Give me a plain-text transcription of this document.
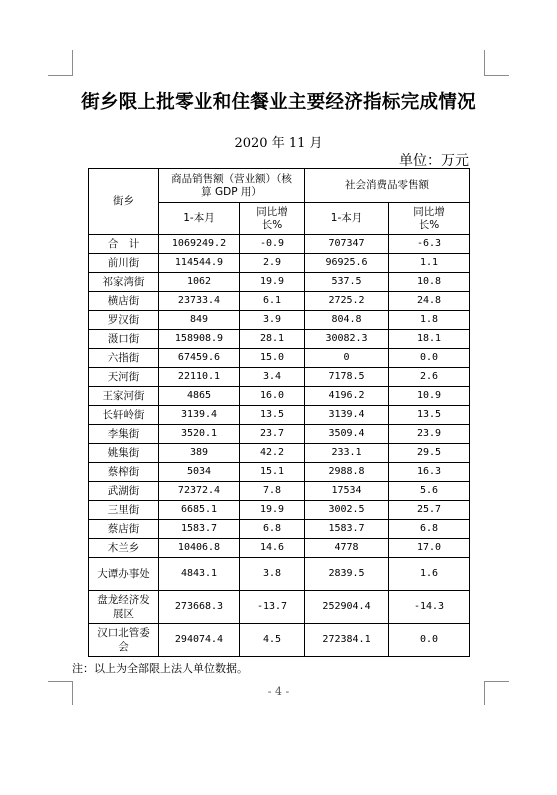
街乡限上批零业和住餐业主要经济指标完成情况
2020 年 11 月
单位：万元
街乡	商品销售额（营业额）（核算 GDP 用）		社会消费品零售额	
	1-本月	同比增长%	1-本月	同比增长%
合　计	1069249.2	-0.9	707347	-6.3
前川街	114544.9	2.9	96925.6	1.1
祁家湾街	1062	19.9	537.5	10.8
横店街	23733.4	6.1	2725.2	24.8
罗汉街	849	3.9	804.8	1.8
滠口街	158908.9	28.1	30082.3	18.1
六指街	67459.6	15.0	0	0.0
天河街	22110.1	3.4	7178.5	2.6
王家河街	4865	16.0	4196.2	10.9
长轩岭街	3139.4	13.5	3139.4	13.5
李集街	3520.1	23.7	3509.4	23.9
姚集街	389	42.2	233.1	29.5
蔡榨街	5034	15.1	2988.8	16.3
武湖街	72372.4	7.8	17534	5.6
三里街	6685.1	19.9	3002.5	25.7
蔡店街	1583.7	6.8	1583.7	6.8
木兰乡	10406.8	14.6	4778	17.0
大谭办事处	4843.1	3.8	2839.5	1.6
盘龙经济发展区	273668.3	-13.7	252904.4	-14.3
汉口北管委会	294074.4	4.5	272384.1	0.0
注：以上为全部限上法人单位数据。
- 4 -
